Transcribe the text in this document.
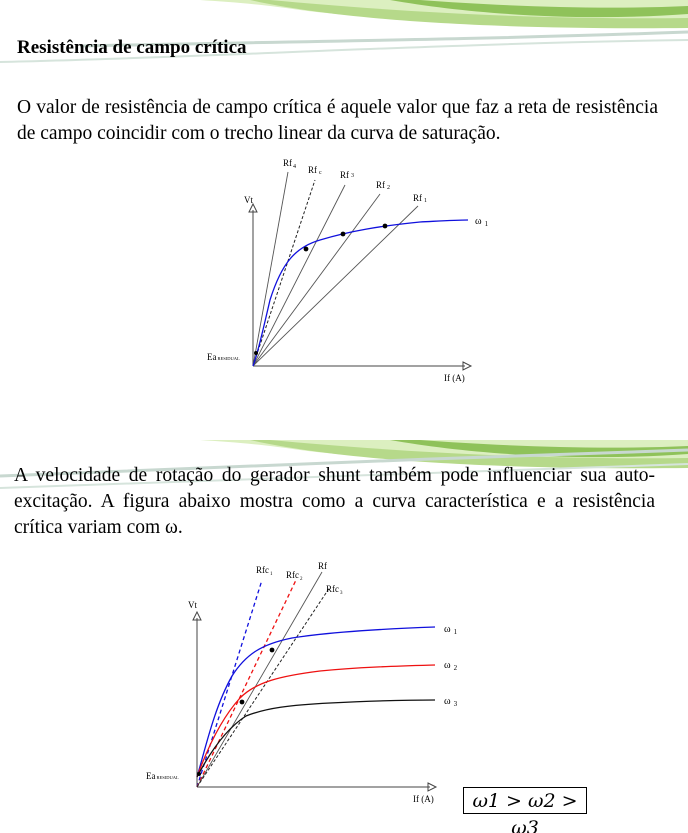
Resistência de campo crítica

O valor de resistência de campo crítica é aquele valor que faz a reta de resistência de campo coincidir com o trecho linear da curva de saturação.

Vt
If (A)
EaRESIDUAL
$Rf_4$ Rf c Rf 3
Rf 2
Rf 1
ω $_1$

A velocidade de rotação do gerador shunt também pode influenciar sua auto-excitação. A figura abaixo mostra como a curva característica e a resistência crítica variam com ω.

Vt
If (A)
EaRESIDUAL
Rfc$_1$ Rfc$_2$
Rf
Rfc$_3$
ω $_1$
ω $_2$
ω $_3$
ω1 > ω2 > ω3
